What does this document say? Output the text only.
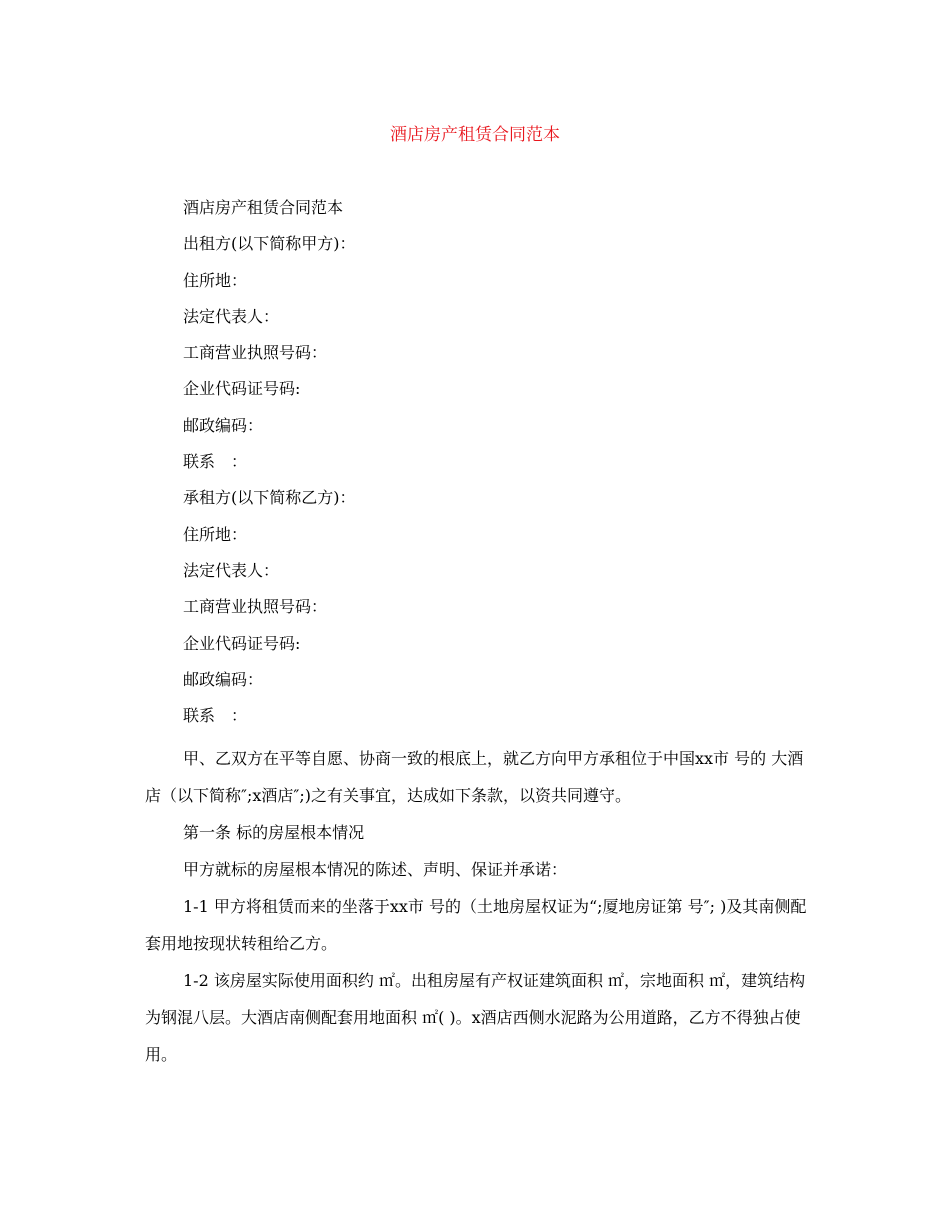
酒店房产租赁合同范本
酒店房产租赁合同范本
出租方(以下简称甲方)：
住所地：
法定代表人：
工商营业执照号码：
企业代码证号码:
邮政编码：
联系　：
承租方(以下简称乙方)：
住所地：
法定代表人：
工商营业执照号码：
企业代码证号码:
邮政编码：
联系　：

甲、乙双方在平等自愿、协商一致的根底上，就乙方向甲方承租位于中国xx市 号的 大酒店（以下简称″;x酒店″;)之有关事宜，达成如下条款，以资共同遵守。

第一条 标的房屋根本情况

甲方就标的房屋根本情况的陈述、声明、保证并承诺：

1-1 甲方将租赁而来的坐落于xx市 号的（土地房屋权证为“;厦地房证第 号″; )及其南侧配套用地按现状转租给乙方。

1-2 该房屋实际使用面积约 ㎡。出租房屋有产权证建筑面积 ㎡，宗地面积 ㎡，建筑结构为钢混八层。大酒店南侧配套用地面积 ㎡( )。x酒店西侧水泥路为公用道路，乙方不得独占使用。
